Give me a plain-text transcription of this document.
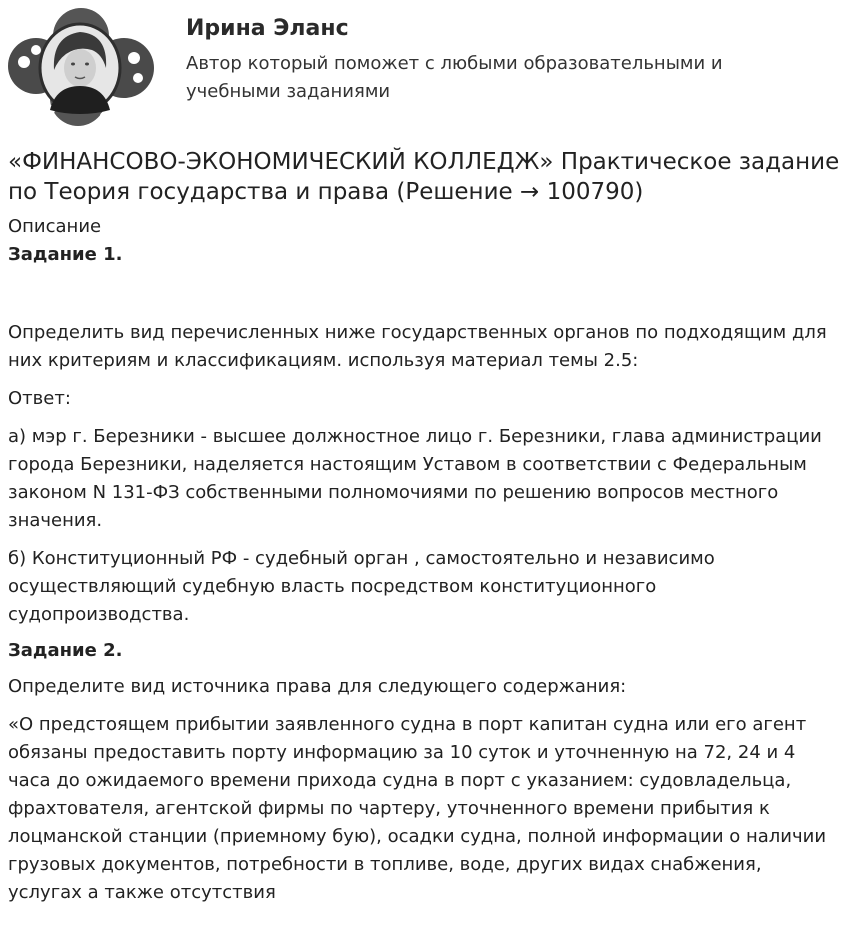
Ирина Эланс
Автор который поможет с любыми образовательными и учебными заданиями
«ФИНАНСОВО-ЭКОНОМИЧЕСКИЙ КОЛЛЕДЖ» Практическое задание по Теория государства и права (Решение → 100790)
Описание
Задание 1.

Определить вид перечисленных ниже государственных органов по подходящим для них критериям и классификациям. используя материал темы 2.5:

Ответ:

а) мэр г. Березники - высшее должностное лицо г. Березники, глава администрации города Березники, наделяется настоящим Уставом в соответствии с Федеральным законом N 131-ФЗ собственными полномочиями по решению вопросов местного значения.

б) Конституционный РФ - судебный орган , самостоятельно и независимо осуществляющий судебную власть посредством конституционного судопроизводства.

Задание 2.

Определите вид источника права для следующего содержания:

«О предстоящем прибытии заявленного судна в порт капитан судна или его агент обязаны предоставить порту информацию за 10 суток и уточненную на 72, 24 и 4 часа до ожидаемого времени прихода судна в порт с указанием: судовладельца, фрахтователя, агентской фирмы по чартеру, уточненного времени прибытия к лоцманской станции (приемному бую), осадки судна, полной информации о наличии грузовых документов, потребности в топливе, воде, других видах снабжения, услугах а также отсутствия
